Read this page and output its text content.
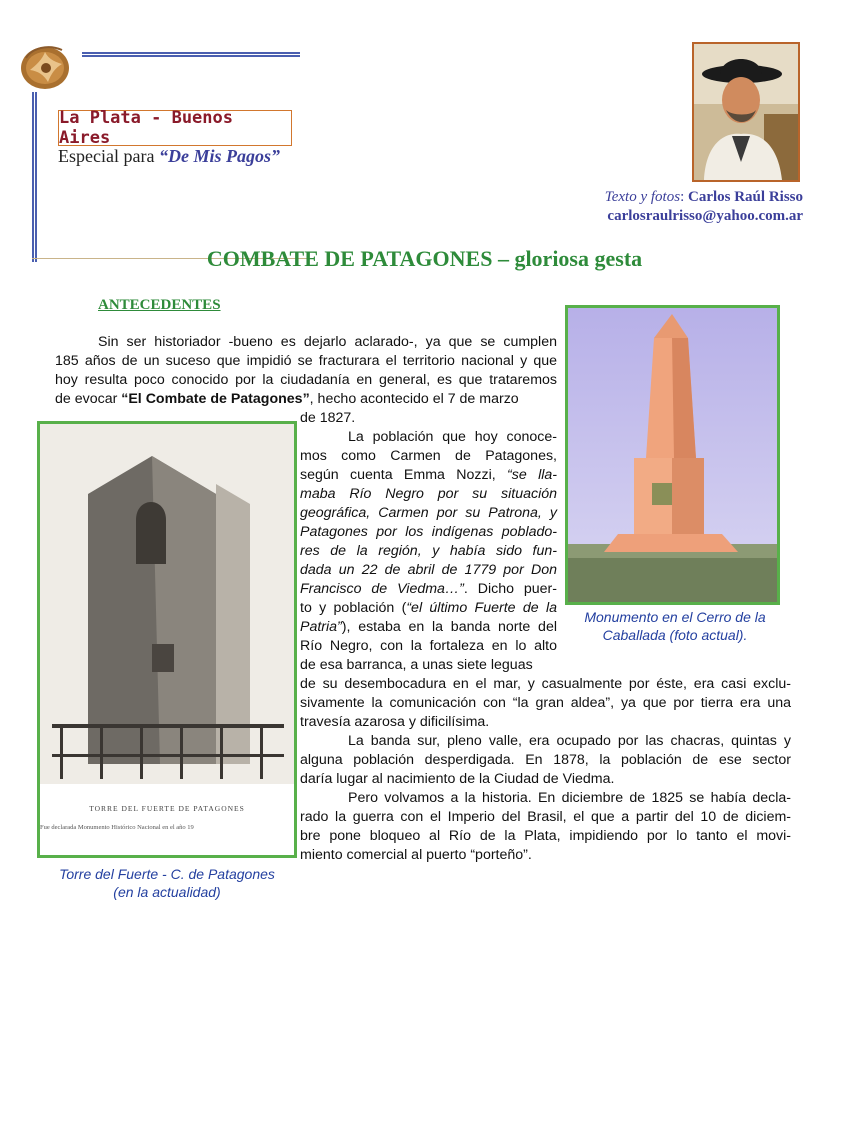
La Plata - Buenos Aires
Especial para “De Mis Pagos”
Texto y fotos: Carlos Raúl Risso
carlosraulrisso@yahoo.com.ar
COMBATE DE PATAGONES – gloriosa gesta
ANTECEDENTES
TORRE DEL FUERTE DE PATAGONES
Fue declarada Monumento Histórico Nacional en el año 19
Monumento en el Cerro de la
Caballada (foto actual).
Torre del Fuerte - C. de Patagones
(en la actualidad)
Sin ser historiador -bueno es dejarlo aclarado-, ya que se cumplen
185 años de un suceso que impidió se fracturara el territorio nacional y que
hoy resulta poco conocido por la ciudadanía en general, es que trataremos
de evocar “El Combate de Patagones”, hecho acontecido el 7 de marzo
de 1827.
La población que hoy conoce-
mos como Carmen de Patagones,
según cuenta Emma Nozzi, “se lla-
maba Río Negro por su situación
geográfica, Carmen por su Patrona, y
Patagones por los indígenas poblado-
res de la región, y había sido fun-
dada un 22 de abril de 1779 por Don
Francisco de Viedma…”. Dicho puer-
to y población (“el último Fuerte de la
Patria”), estaba en la banda norte del
Río Negro, con la fortaleza en lo alto
de esa barranca, a unas siete leguas
de su desembocadura en el mar, y casualmente por éste, era casi exclu-
sivamente la comunicación con “la gran aldea”, ya que por tierra era una
travesía azarosa y dificilísima.
La banda sur, pleno valle, era ocupado por las chacras, quintas y
alguna población desperdigada. En 1878, la población de ese sector
daría lugar al nacimiento de la Ciudad de Viedma.
Pero volvamos a la historia. En diciembre de 1825 se había decla-
rado la guerra con el Imperio del Brasil, el que a partir del 10 de diciem-
bre pone bloqueo al Río de la Plata, impidiendo por lo tanto el movi-
miento comercial al puerto “porteño”.
